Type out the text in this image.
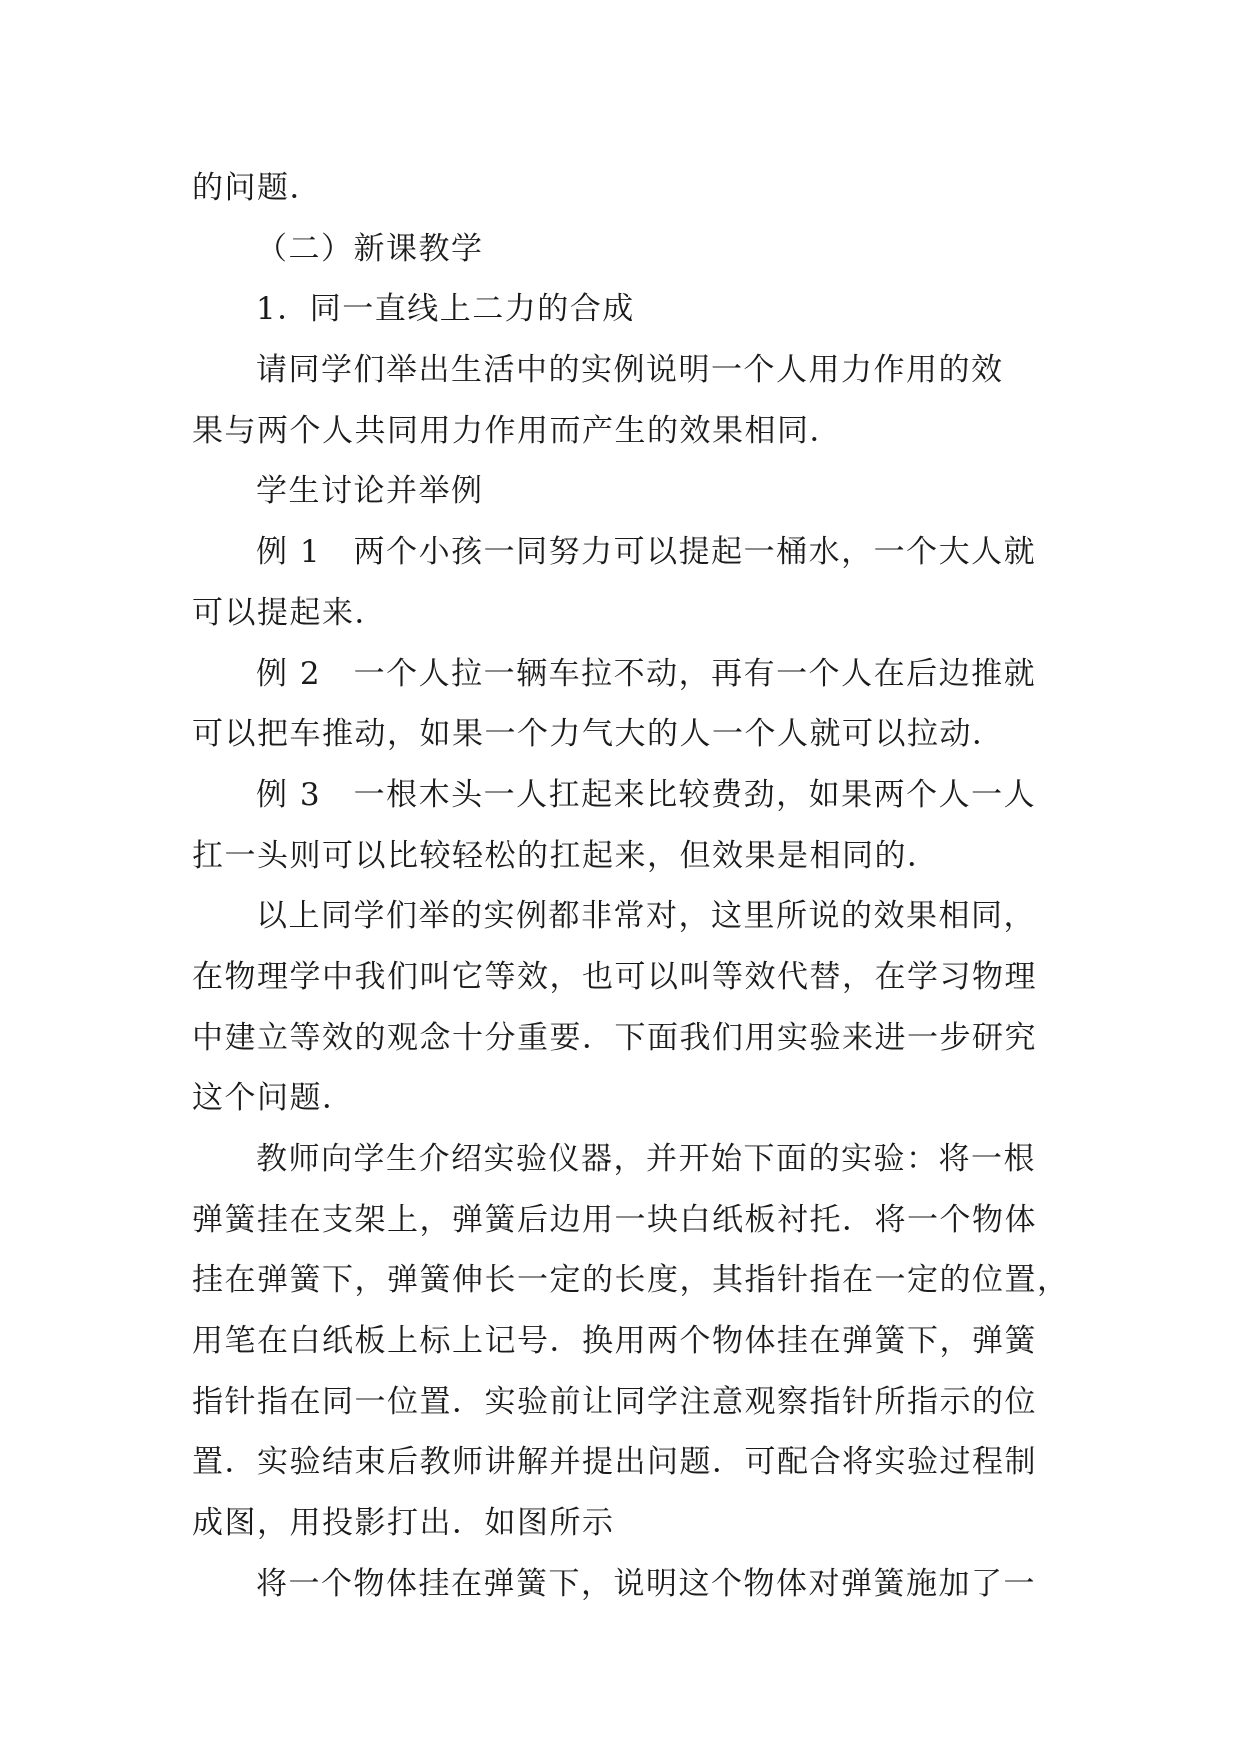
的问题．
（二）新课教学
1．同一直线上二力的合成
请同学们举出生活中的实例说明一个人用力作用的效
果与两个人共同用力作用而产生的效果相同．
学生讨论并举例
例 1　两个小孩一同努力可以提起一桶水，一个大人就
可以提起来．
例 2　一个人拉一辆车拉不动，再有一个人在后边推就
可以把车推动，如果一个力气大的人一个人就可以拉动．
例 3　一根木头一人扛起来比较费劲，如果两个人一人
扛一头则可以比较轻松的扛起来，但效果是相同的．
以上同学们举的实例都非常对，这里所说的效果相同，
在物理学中我们叫它等效，也可以叫等效代替，在学习物理
中建立等效的观念十分重要．下面我们用实验来进一步研究
这个问题．
教师向学生介绍实验仪器，并开始下面的实验：将一根
弹簧挂在支架上，弹簧后边用一块白纸板衬托．将一个物体
挂在弹簧下，弹簧伸长一定的长度，其指针指在一定的位置，
用笔在白纸板上标上记号．换用两个物体挂在弹簧下，弹簧
指针指在同一位置．实验前让同学注意观察指针所指示的位
置．实验结束后教师讲解并提出问题．可配合将实验过程制
成图，用投影打出．如图所示
将一个物体挂在弹簧下，说明这个物体对弹簧施加了一
